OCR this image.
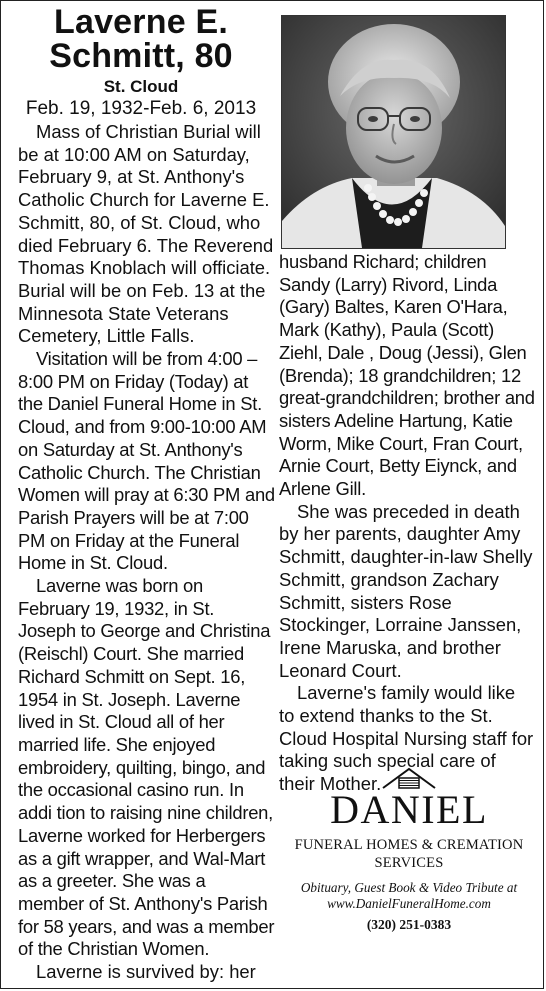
Laverne E.
Schmitt, 80
St. Cloud
Feb. 19, 1932-Feb. 6, 2013

Mass of Christian Burial will be at 10:00 AM on Saturday, February 9, at St. Anthony's Catholic Church for Laverne E. Schmitt, 80, of St. Cloud, who died February 6. The Reverend Thomas Knoblach will officiate. Burial will be on Feb. 13 at the Minnesota State Veterans Cemetery, Little Falls.

Visitation will be from 4:00 – 8:00 PM on Friday (Today) at the Daniel Funeral Home in St. Cloud, and from 9:00-10:00 AM on Saturday at St. Anthony's Catholic Church. The Christian Women will pray at 6:30 PM and Parish Prayers will be at 7:00 PM on Friday at the Funeral Home in St. Cloud.

Laverne was born on February 19, 1932, in St. Joseph to George and Christina (Reischl) Court. She married Richard Schmitt on Sept. 16, 1954 in St. Joseph. Laverne lived in St. Cloud all of her married life. She enjoyed embroidery, quilting, bingo, and the occasional casino run. In addi tion to raising nine children, Laverne worked for Herbergers as a gift wrapper, and Wal-Mart as a greeter. She was a member of St. Anthony's Parish for 58 years, and was a member of the Christian Women.

Laverne is survived by: her

husband Richard; children Sandy (Larry) Rivord, Linda (Gary) Baltes, Karen O'Hara, Mark (Kathy), Paula (Scott) Ziehl, Dale , Doug (Jessi), Glen (Brenda); 18 grandchildren; 12 great-grandchildren; brother and sisters Adeline Hartung, Katie Worm, Mike Court, Fran Court, Arnie Court, Betty Eiynck, and Arlene Gill.

She was preceded in death by her parents, daughter Amy Schmitt, daughter-in-law Shelly Schmitt, grandson Zachary Schmitt, sisters Rose Stockinger, Lorraine Janssen, Irene Maruska, and brother Leonard Court.

Laverne's family would like to extend thanks to the St. Cloud Hospital Nursing staff for taking such special care of their Mother.

DANIEL
FUNERAL HOMES & CREMATION SERVICES
Obituary, Guest Book & Video Tribute at
www.DanielFuneralHome.com
(320) 251-0383
